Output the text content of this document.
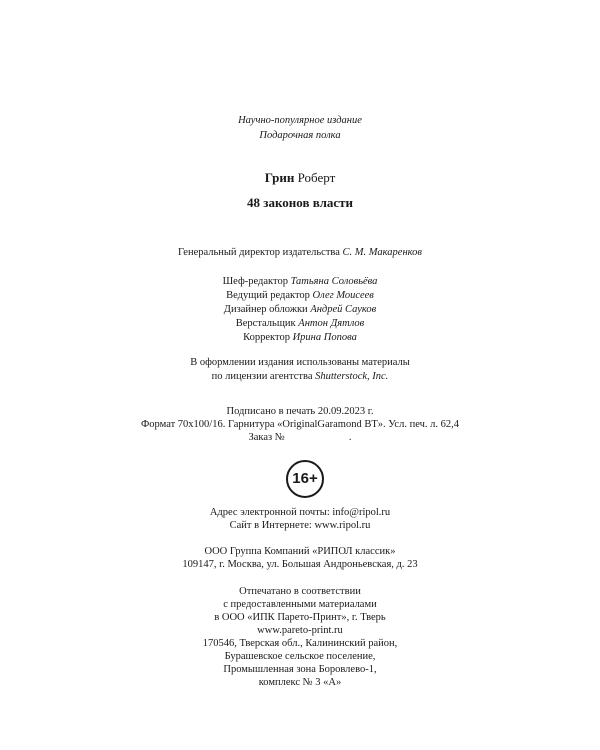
Научно-популярное издание
Подарочная полка
Грин Роберт
48 законов власти
Генеральный директор издательства С. М. Макаренков
Шеф-редактор Татьяна Соловьёва
Ведущий редактор Олег Моисеев
Дизайнер обложки Андрей Сауков
Верстальщик Антон Дятлов
Корректор Ирина Попова
В оформлении издания использованы материалы
по лицензии агентства Shutterstock, Inc.
Подписано в печать 20.09.2023 г.
Формат 70x100/16. Гарнитура «OriginalGaramond BT». Усл. печ. л. 62,4
Заказ №	.
16+
Адрес электронной почты: info@ripol.ru
Сайт в Интернете: www.ripol.ru
ООО Группа Компаний «РИПОЛ классик»
109147, г. Москва, ул. Большая Андроньевская, д. 23
Отпечатано в соответствии
с предоставленными материалами
в ООО «ИПК Парето-Принт», г. Тверь
www.pareto-print.ru
170546, Тверская обл., Калининский район,
Бурашевское сельское поселение,
Промышленная зона Боровлево-1,
комплекс № 3 «А»
